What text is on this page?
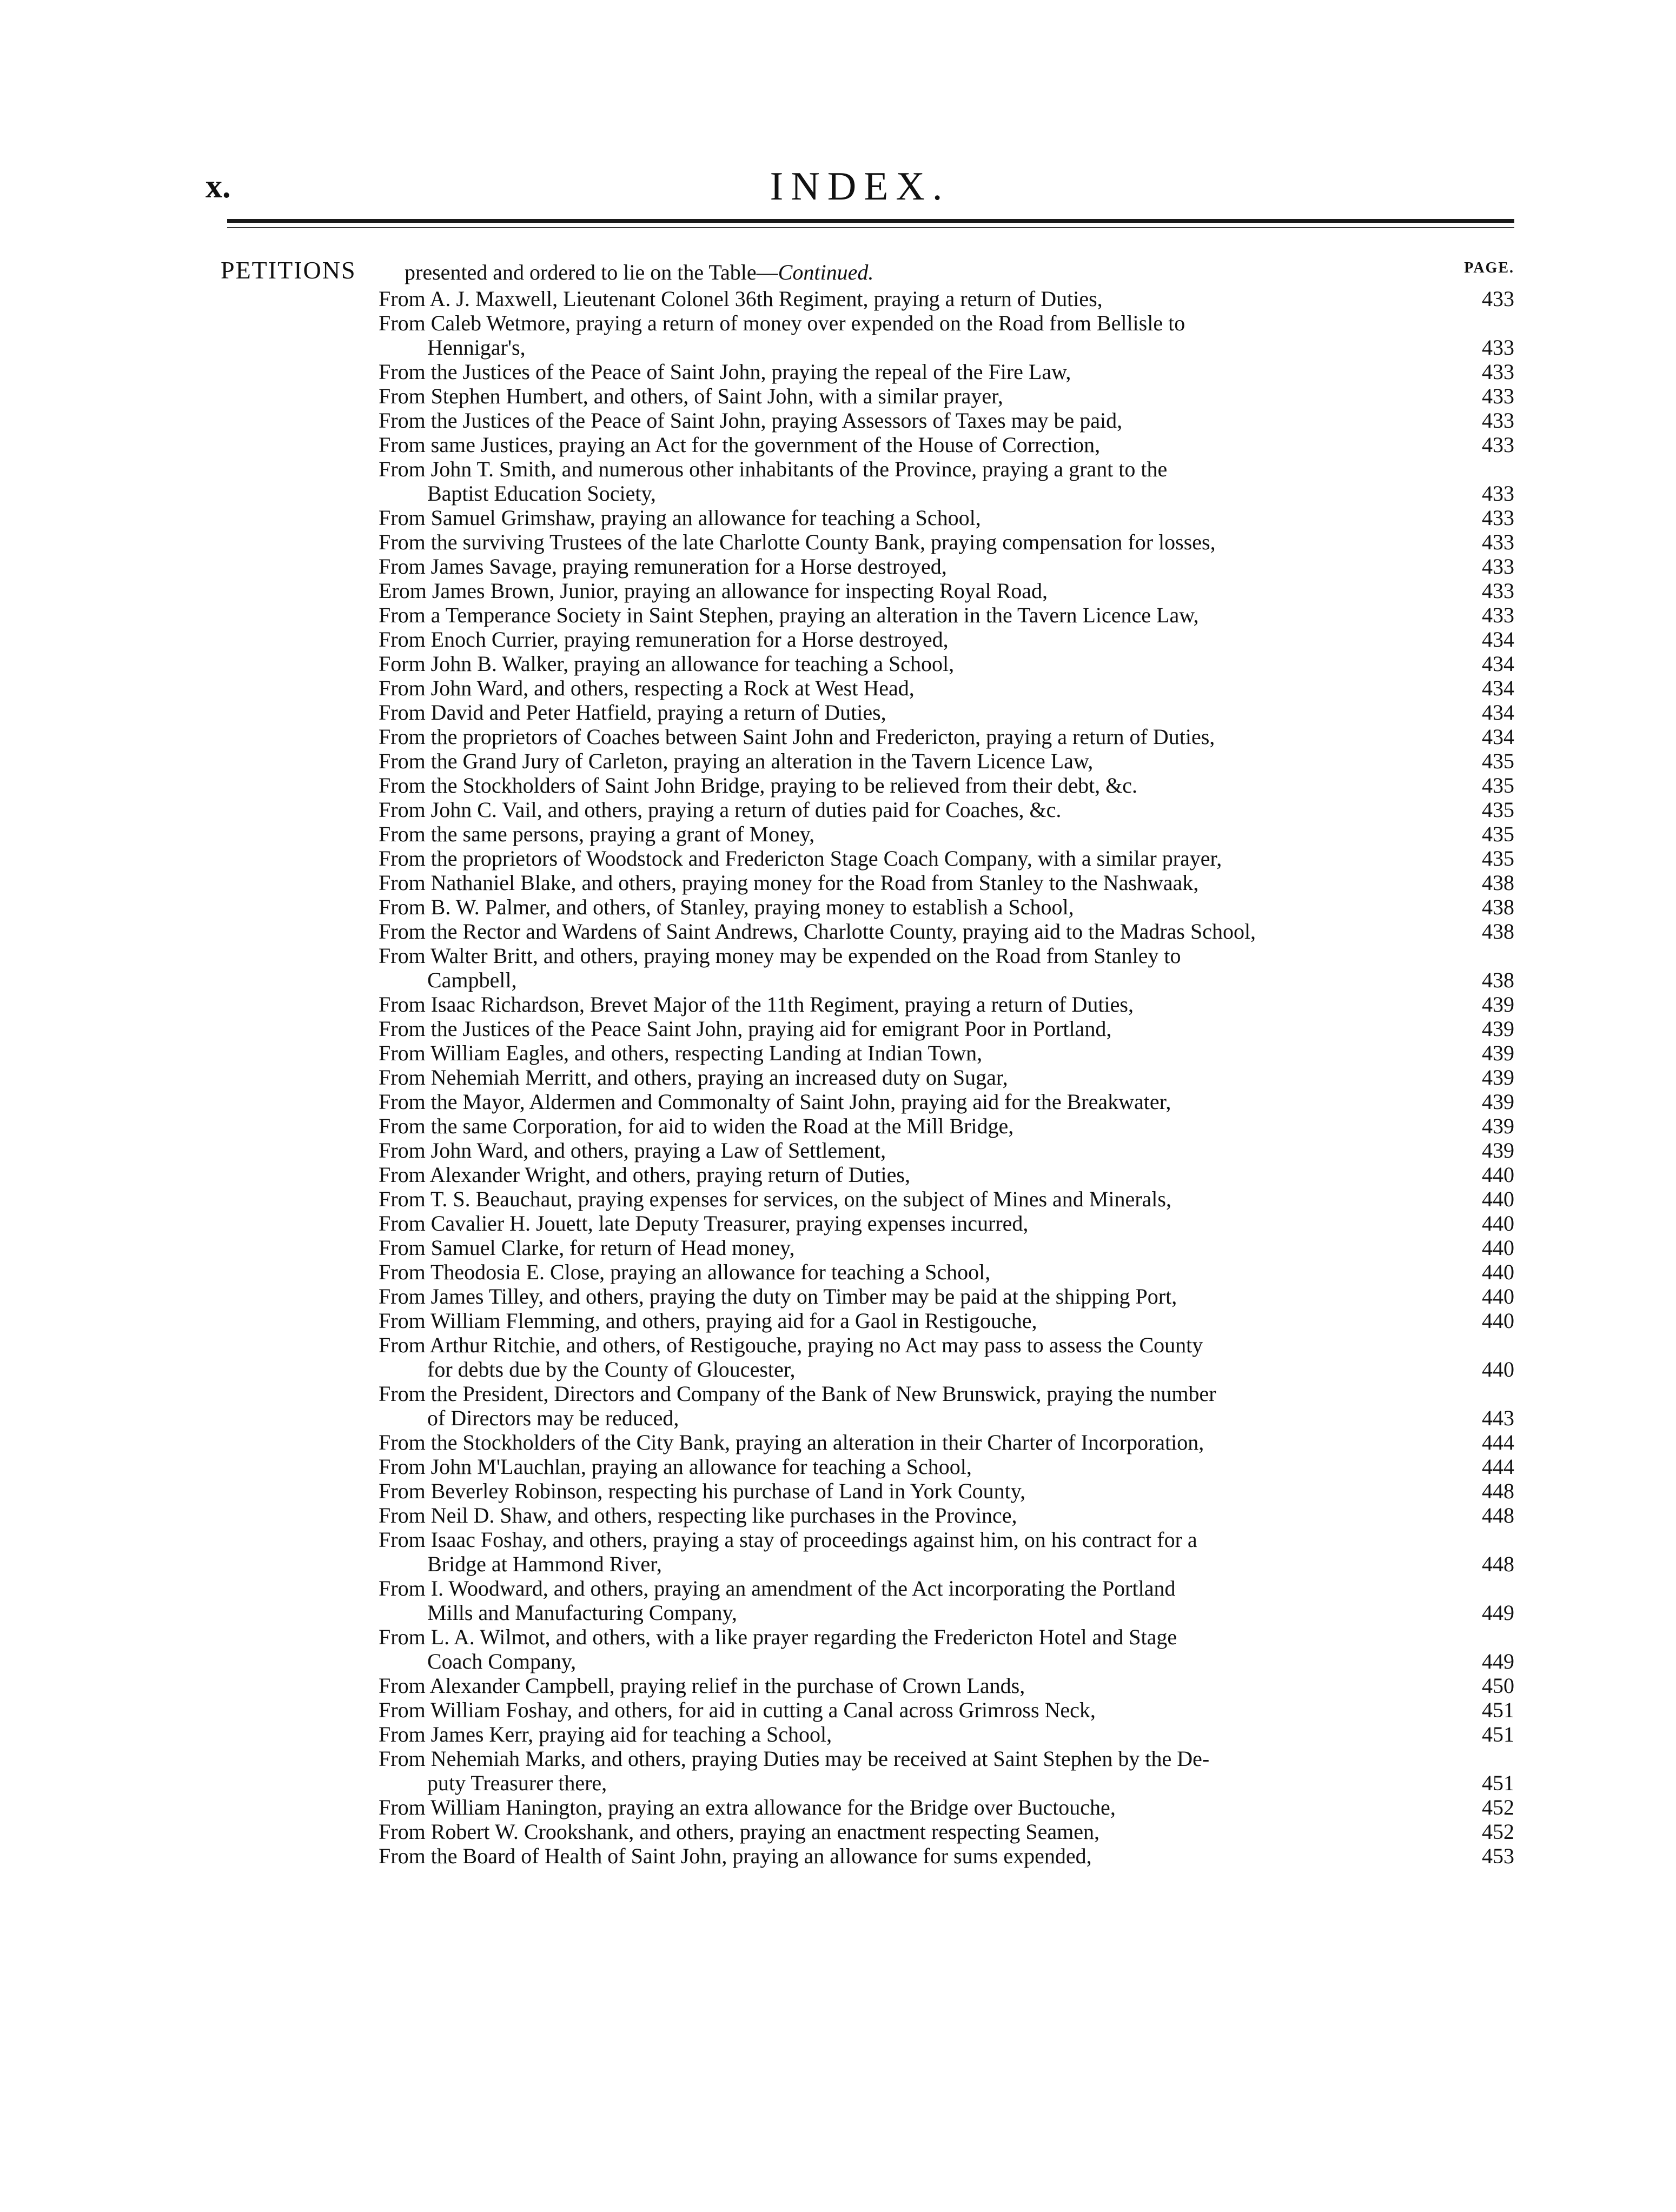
x.	INDEX.
PETITIONS presented and ordered to lie on the Table—Continued.	PAGE.
From A. J. Maxwell, Lieutenant Colonel 36th Regiment, praying a return of Duties,	433
From Caleb Wetmore, praying a return of money over expended on the Road from Bellisle to
Hennigar's,	433
From the Justices of the Peace of Saint John, praying the repeal of the Fire Law,	433
From Stephen Humbert, and others, of Saint John, with a similar prayer,	433
From the Justices of the Peace of Saint John, praying Assessors of Taxes may be paid,	433
From same Justices, praying an Act for the government of the House of Correction,	433
From John T. Smith, and numerous other inhabitants of the Province, praying a grant to the
Baptist Education Society,	433
From Samuel Grimshaw, praying an allowance for teaching a School,	433
From the surviving Trustees of the late Charlotte County Bank, praying compensation for losses,	433
From James Savage, praying remuneration for a Horse destroyed,	433
Erom James Brown, Junior, praying an allowance for inspecting Royal Road,	433
From a Temperance Society in Saint Stephen, praying an alteration in the Tavern Licence Law,	433
From Enoch Currier, praying remuneration for a Horse destroyed,	434
Form John B. Walker, praying an allowance for teaching a School,	434
From John Ward, and others, respecting a Rock at West Head,	434
From David and Peter Hatfield, praying a return of Duties,	434
From the proprietors of Coaches between Saint John and Fredericton, praying a return of Duties,	434
From the Grand Jury of Carleton, praying an alteration in the Tavern Licence Law,	435
From the Stockholders of Saint John Bridge, praying to be relieved from their debt, &c.	435
From John C. Vail, and others, praying a return of duties paid for Coaches, &c.	435
From the same persons, praying a grant of Money,	435
From the proprietors of Woodstock and Fredericton Stage Coach Company, with a similar prayer,	435
From Nathaniel Blake, and others, praying money for the Road from Stanley to the Nashwaak,	438
From B. W. Palmer, and others, of Stanley, praying money to establish a School,	438
From the Rector and Wardens of Saint Andrews, Charlotte County, praying aid to the Madras School,	438
From Walter Britt, and others, praying money may be expended on the Road from Stanley to
Campbell,	438
From Isaac Richardson, Brevet Major of the 11th Regiment, praying a return of Duties,	439
From the Justices of the Peace Saint John, praying aid for emigrant Poor in Portland,	439
From William Eagles, and others, respecting Landing at Indian Town,	439
From Nehemiah Merritt, and others, praying an increased duty on Sugar,	439
From the Mayor, Aldermen and Commonalty of Saint John, praying aid for the Breakwater,	439
From the same Corporation, for aid to widen the Road at the Mill Bridge,	439
From John Ward, and others, praying a Law of Settlement,	439
From Alexander Wright, and others, praying return of Duties,	440
From T. S. Beauchaut, praying expenses for services, on the subject of Mines and Minerals,	440
From Cavalier H. Jouett, late Deputy Treasurer, praying expenses incurred,	440
From Samuel Clarke, for return of Head money,	440
From Theodosia E. Close, praying an allowance for teaching a School,	440
From James Tilley, and others, praying the duty on Timber may be paid at the shipping Port,	440
From William Flemming, and others, praying aid for a Gaol in Restigouche,	440
From Arthur Ritchie, and others, of Restigouche, praying no Act may pass to assess the County
for debts due by the County of Gloucester,	440
From the President, Directors and Company of the Bank of New Brunswick, praying the number
of Directors may be reduced,	443
From the Stockholders of the City Bank, praying an alteration in their Charter of Incorporation,	444
From John M'Lauchlan, praying an allowance for teaching a School,	444
From Beverley Robinson, respecting his purchase of Land in York County,	448
From Neil D. Shaw, and others, respecting like purchases in the Province,	448
From Isaac Foshay, and others, praying a stay of proceedings against him, on his contract for a
Bridge at Hammond River,	448
From I. Woodward, and others, praying an amendment of the Act incorporating the Portland
Mills and Manufacturing Company,	449
From L. A. Wilmot, and others, with a like prayer regarding the Fredericton Hotel and Stage
Coach Company,	449
From Alexander Campbell, praying relief in the purchase of Crown Lands,	450
From William Foshay, and others, for aid in cutting a Canal across Grimross Neck,	451
From James Kerr, praying aid for teaching a School,	451
From Nehemiah Marks, and others, praying Duties may be received at Saint Stephen by the De-
puty Treasurer there,	451
From William Hanington, praying an extra allowance for the Bridge over Buctouche,	452
From Robert W. Crookshank, and others, praying an enactment respecting Seamen,	452
From the Board of Health of Saint John, praying an allowance for sums expended,	453
